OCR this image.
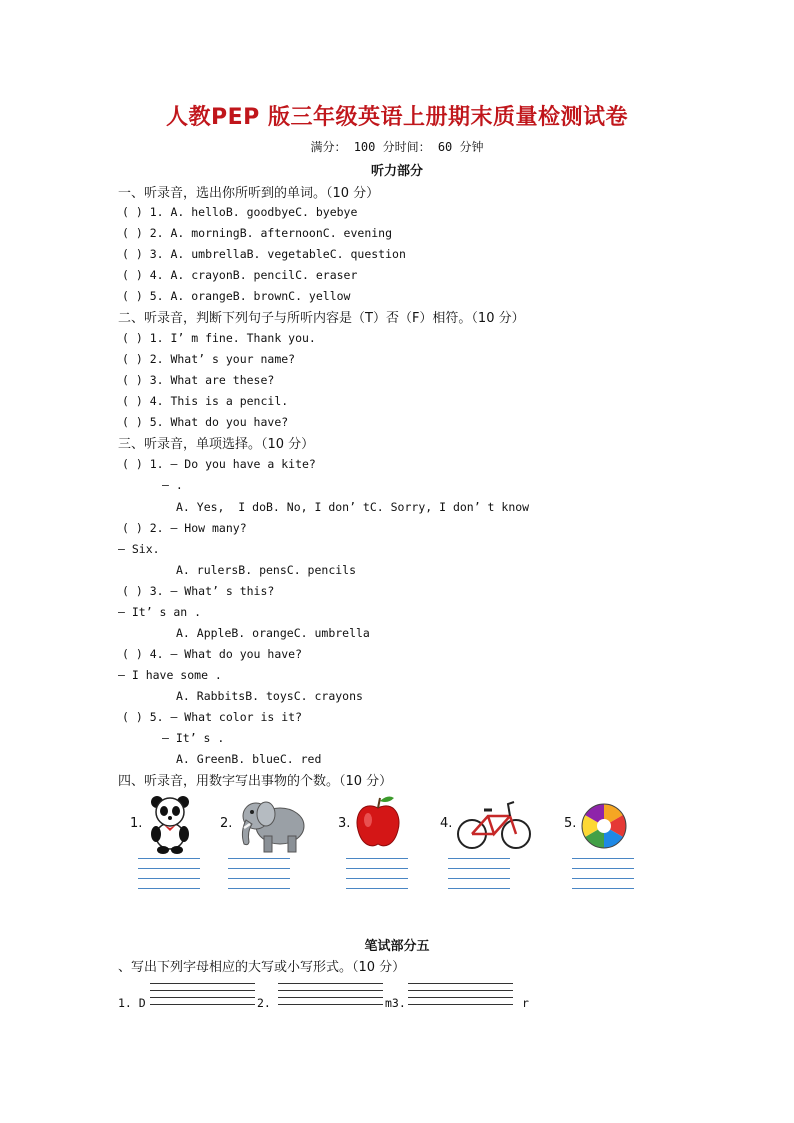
人教PEP 版三年级英语上册期末质量检测试卷
满分： 100 分时间： 60 分钟
听力部分
一、听录音，选出你所听到的单词。（10 分）
( ) 1. A. helloB. goodbyeC. byebye
( ) 2. A. morningB. afternoonC. evening
( ) 3. A. umbrellaB. vegetableC. question
( ) 4. A. crayonB. pencilC. eraser
( ) 5. A. orangeB. brownC. yellow
二、听录音，判断下列句子与所听内容是（T）否（F）相符。（10 分）
( ) 1. I’ m fine. Thank you.
( ) 2. What’ s your name?
( ) 3. What are these?
( ) 4. This is a pencil.
( ) 5. What do you have?
三、听录音，单项选择。（10 分）
( ) 1. — Do you have a kite?
— .
A. Yes,  I doB. No, I don’ tC. Sorry, I don’ t know
( ) 2. — How many?
— Six.
A. rulersB. pensC. pencils
( ) 3. — What’ s this?
— It’ s an .
A. AppleB. orangeC. umbrella
( ) 4. — What do you have?
— I have some .
A. RabbitsB. toysC. crayons
( ) 5. — What color is it?
— It’ s .
A. GreenB. blueC. red
四、听录音，用数字写出事物的个数。（10 分）
1.	2.	3.	4.	5.
笔试部分五
、写出下列字母相应的大写或小写形式。（10 分）
1. D	2.	m3.	r
